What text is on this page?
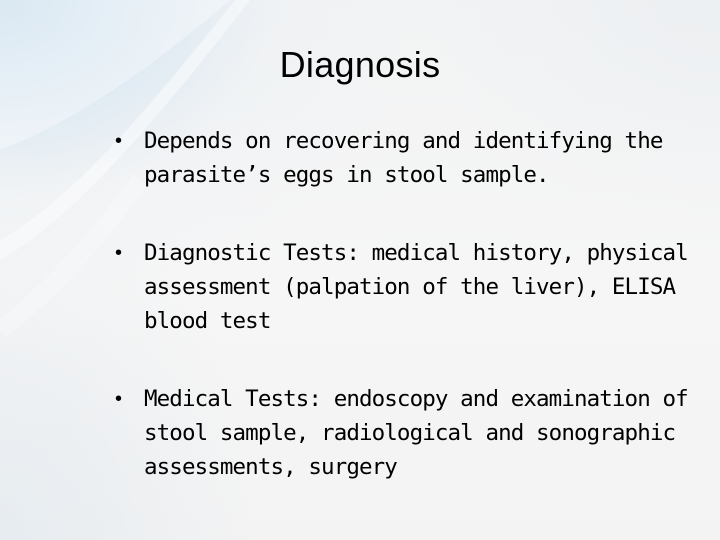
Diagnosis
• Depends on recovering and identifying the parasite’s eggs in stool sample.
• Diagnostic Tests: medical history, physical assessment (palpation of the liver), ELISA blood test
• Medical Tests: endoscopy and examination of stool sample, radiological and sonographic assessments, surgery
